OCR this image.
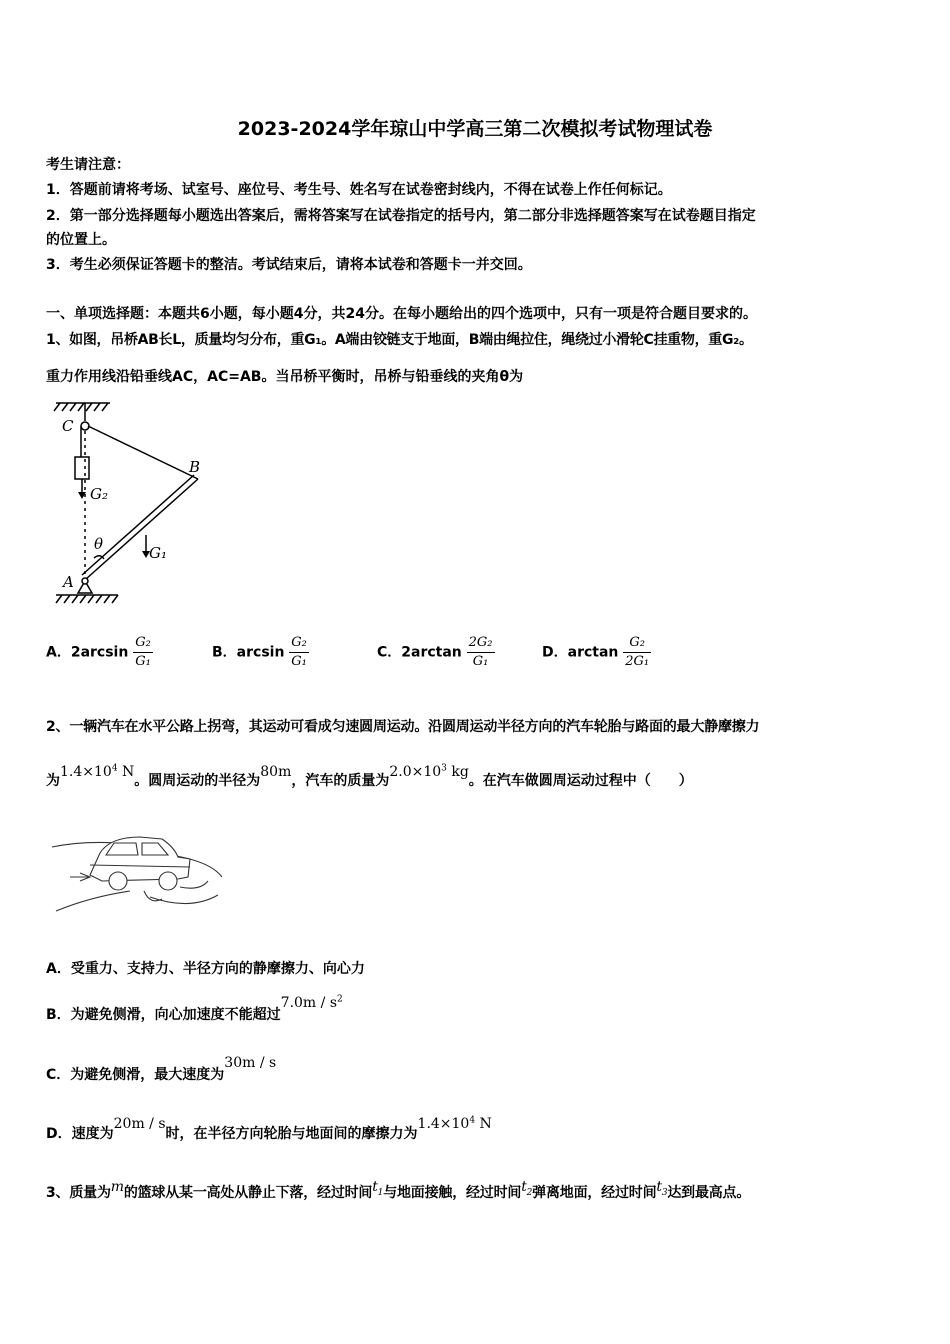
2023-2024学年琼山中学高三第二次模拟考试物理试卷
考生请注意：
1．答题前请将考场、试室号、座位号、考生号、姓名写在试卷密封线内，不得在试卷上作任何标记。
2．第一部分选择题每小题选出答案后，需将答案写在试卷指定的括号内，第二部分非选择题答案写在试卷题目指定
的位置上。
3．考生必须保证答题卡的整洁。考试结束后，请将本试卷和答题卡一并交回。
一、单项选择题：本题共6小题，每小题4分，共24分。在每小题给出的四个选项中，只有一项是符合题目要求的。
1、如图，吊桥AB长L，质量均匀分布，重G₁。A端由铰链支于地面，B端由绳拉住，绳绕过小滑轮C挂重物，重G₂。
重力作用线沿铅垂线AC，AC=AB。当吊桥平衡时，吊桥与铅垂线的夹角θ为
C
B
G₂
θ	G₁
A
A．$2\arcsin \frac{\text{G₂}}{\text{G₁}}$	B．$\arcsin \frac{\text{G₂}}{\text{G₁}}$	C．$2\arctan \frac{\text{2G₂}}{\text{G₁}}$	D．$\arctan \frac{\text{G₂}}{\text{2G₁}}$
2、一辆汽车在水平公路上拐弯，其运动可看成匀速圆周运动。沿圆周运动半径方向的汽车轮胎与路面的最大静摩擦力
为$1.4\times 10^4$ N。圆周运动的半径为80m，汽车的质量为$2.0\times 10^3$ kg。在汽车做圆周运动过程中（　　）
A．受重力、支持力、半径方向的静摩擦力、向心力
B．为避免侧滑，向心加速度不能超过$7.0m / s^2$
C．为避免侧滑，最大速度为30m / s
D．速度为20m / s时，在半径方向轮胎与地面间的摩擦力为$1.4\times 10^4$ N
3、质量为m的篮球从某一高处从静止下落，经过时间$t_1$与地面接触，经过时间$t_2$弹离地面，经过时间$t_3$达到最高点。
